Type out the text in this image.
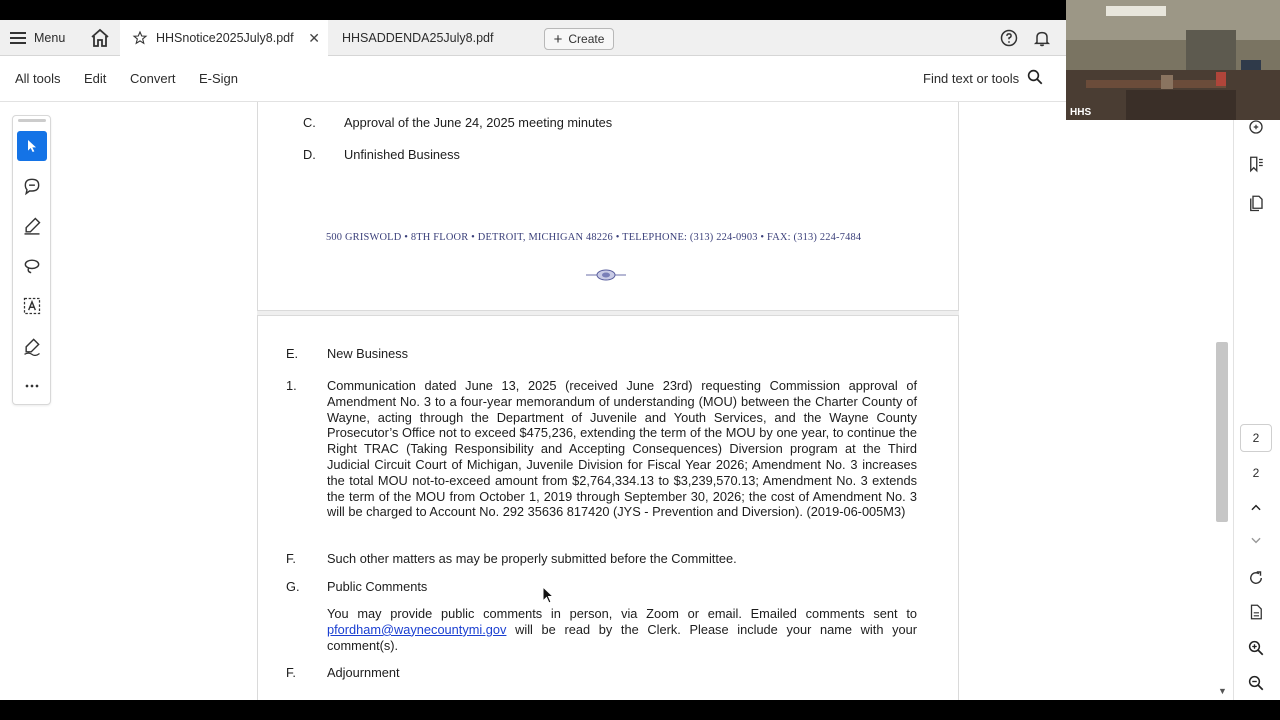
Menu	HHSnotice2025July8.pdf ✕ HHSADDENDA25July8.pdf	+ Create
All tools Edit Convert E-Sign	Find text or tools
C. Approval of the June 24, 2025 meeting minutes
D. Unfinished Business
500 GRISWOLD • 8TH FLOOR • DETROIT, MICHIGAN 48226 • TELEPHONE: (313) 224-0903 • FAX: (313) 224-7484
E. New Business
1. Communication dated June 13, 2025 (received June 23rd) requesting Commission approval of Amendment No. 3 to a four-year memorandum of understanding (MOU) between the Charter County of Wayne, acting through the Department of Juvenile and Youth Services, and the Wayne County Prosecutor’s Office not to exceed $475,236, extending the term of the MOU by one year, to continue the Right TRAC (Taking Responsibility and Accepting Consequences) Diversion program at the Third Judicial Circuit Court of Michigan, Juvenile Division for Fiscal Year 2026; Amendment No. 3 increases the total MOU not-to-exceed amount from $2,764,334.13 to $3,239,570.13; Amendment No. 3 extends the term of the MOU from October 1, 2019 through September 30, 2026; the cost of Amendment No. 3 will be charged to Account No. 292 35636 817420 (JYS - Prevention and Diversion). (2019-06-005M3)
F. Such other matters as may be properly submitted before the Committee.
G. Public Comments
You may provide public comments in person, via Zoom or email. Emailed comments sent to pfordham@waynecountymi.gov will be read by the Clerk. Please include your name with your comment(s).
F. Adjournment
▼
2
2
HHS
